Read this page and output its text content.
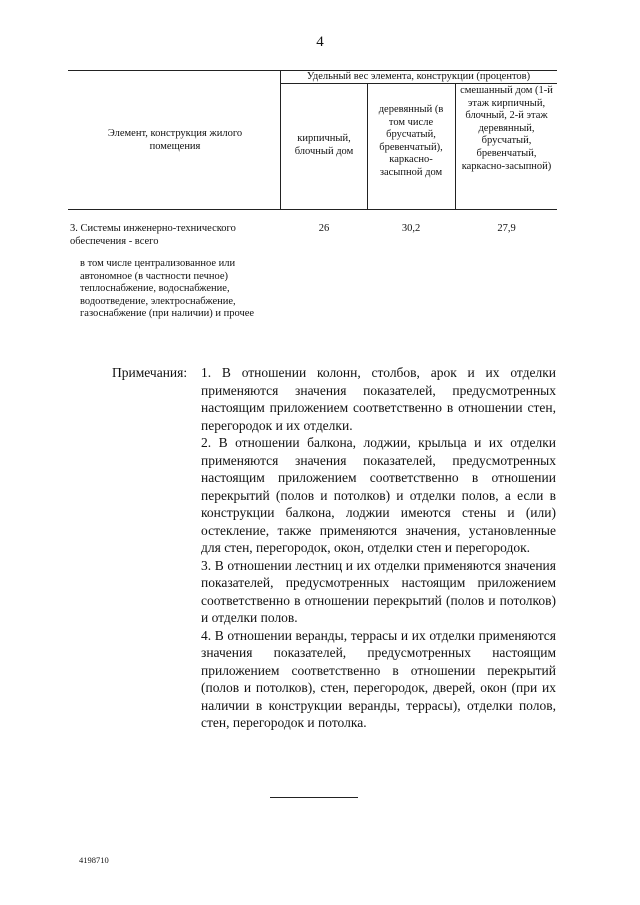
4
Удельный вес элемента, конструкции (процентов)
Элемент, конструкция жилого помещения
кирпичный, блочный дом
деревянный (в том числе брусчатый, бревенчатый), каркасно-засыпной дом
смешанный дом (1-й этаж кирпичный, блочный, 2-й этаж деревянный, брусчатый, бревенчатый, каркасно-засыпной)
3. Системы инженерно-технического обеспечения - всего
26	30,2	27,9
в том числе централизованное или автономное (в частности печное) теплоснабжение, водоснабжение, водоотведение, электроснабжение, газоснабжение (при наличии) и прочее
Примечания: 1. В отношении колонн, столбов, арок и их отделки применяются значения показателей, предусмотренных настоящим приложением соответственно в отношении стен, перегородок и их отделки.

2. В отношении балкона, лоджии, крыльца и их отделки применяются значения показателей, предусмотренных настоящим приложением соответственно в отношении перекрытий (полов и потолков) и отделки полов, а если в конструкции балкона, лоджии имеются стены и (или) остекление, также применяются значения, установленные для стен, перегородок, окон, отделки стен и перегородок.

3. В отношении лестниц и их отделки применяются значения показателей, предусмотренных настоящим приложением соответственно в отношении перекрытий (полов и потолков) и отделки полов.

4. В отношении веранды, террасы и их отделки применяются значения показателей, предусмотренных настоящим приложением соответственно в отношении перекрытий (полов и потолков), стен, перегородок, дверей, окон (при их наличии в конструкции веранды, террасы), отделки полов, стен, перегородок и потолка.

4198710
